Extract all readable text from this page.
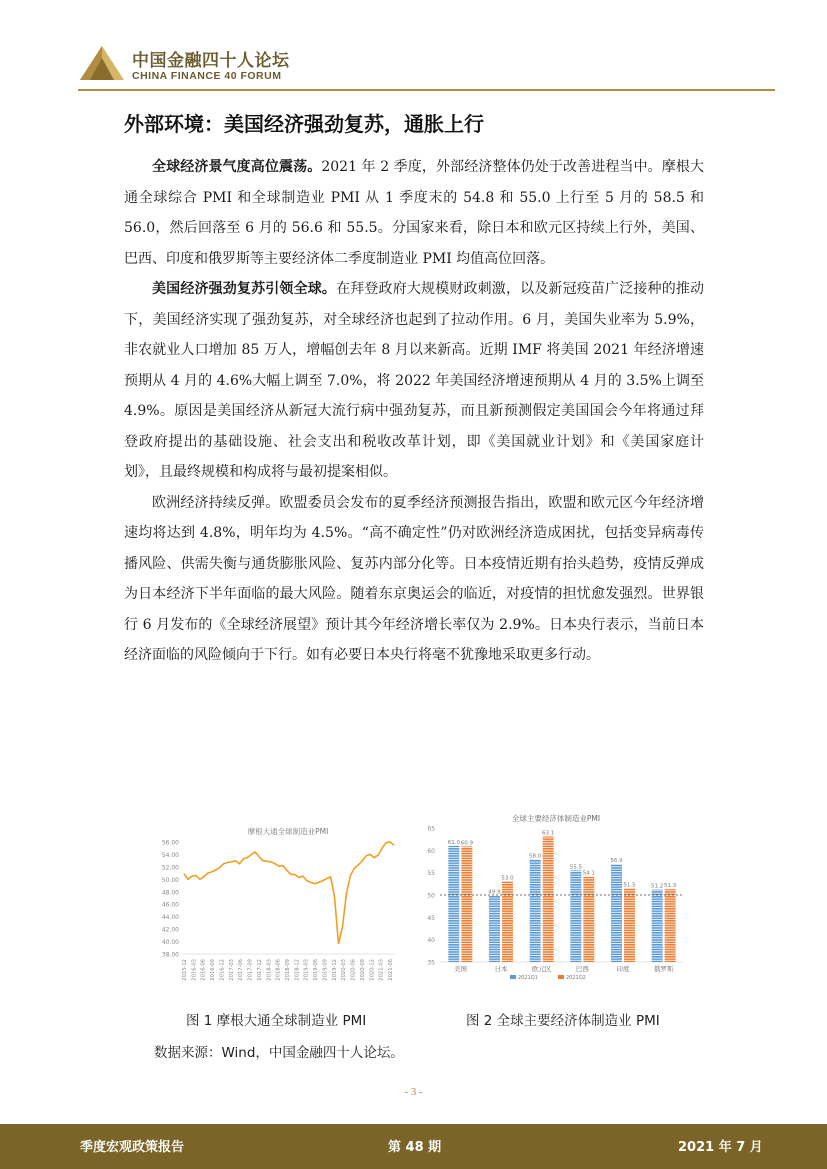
中国金融四十人论坛
CHINA FINANCE 40 FORUM
外部环境：美国经济强劲复苏，通胀上行

全球经济景气度高位震荡。2021 年 2 季度，外部经济整体仍处于改善进程当中。摩根大通全球综合 PMI 和全球制造业 PMI 从 1 季度末的 54.8 和 55.0 上行至 5 月的 58.5 和 56.0，然后回落至 6 月的 56.6 和 55.5。分国家来看，除日本和欧元区持续上行外，美国、巴西、印度和俄罗斯等主要经济体二季度制造业 PMI 均值高位回落。

美国经济强劲复苏引领全球。在拜登政府大规模财政刺激，以及新冠疫苗广泛接种的推动下，美国经济实现了强劲复苏，对全球经济也起到了拉动作用。6 月，美国失业率为 5.9%，非农就业人口增加 85 万人，增幅创去年 8 月以来新高。近期 IMF 将美国 2021 年经济增速预期从 4 月的 4.6%大幅上调至 7.0%，将 2022 年美国经济增速预期从 4 月的 3.5%上调至 4.9%。原因是美国经济从新冠大流行病中强劲复苏，而且新预测假定美国国会今年将通过拜登政府提出的基础设施、社会支出和税收改革计划，即《美国就业计划》和《美国家庭计划》，且最终规模和构成将与最初提案相似。

欧洲经济持续反弹。欧盟委员会发布的夏季经济预测报告指出，欧盟和欧元区今年经济增速均将达到 4.8%，明年均为 4.5%。“高不确定性”仍对欧洲经济造成困扰，包括变异病毒传播风险、供需失衡与通货膨胀风险、复苏内部分化等。日本疫情近期有抬头趋势，疫情反弹成为日本经济下半年面临的最大风险。随着东京奥运会的临近，对疫情的担忧愈发强烈。世界银行 6 月发布的《全球经济展望》预计其今年经济增长率仅为 2.9%。日本央行表示，当前日本经济面临的风险倾向于下行。如有必要日本央行将毫不犹豫地采取更多行动。

摩根大通全球制造业PMI
38.00
40.00
42.00
44.00
46.00
48.00
50.00
52.00
54.00
56.00
2015-12 2016-03 2016-06 2016-09 2016-12 2017-03 2017-06 2017-09 2017-12 2018-03 2018-06 2018-09 2018-12 2019-03 2019-06 2019-09 2019-12 2020-03 2020-06 2020-09 2020-12 2021-03 2021-06
全球主要经济体制造业PMI
35
40
45
50
55
60
65
61.0 60.9
美国
49.9
53.0
日本
58.0
63.1
欧元区
55.5
54.1
巴西
56.9
51.5
印度
51.2 51.3
俄罗斯
2021Q1	2021Q2
图 1 摩根大通全球制造业 PMI	图 2 全球主要经济体制造业 PMI
数据来源：Wind，中国金融四十人论坛。
- 3 -
季度宏观政策报告	第 48 期	2021 年 7 月
